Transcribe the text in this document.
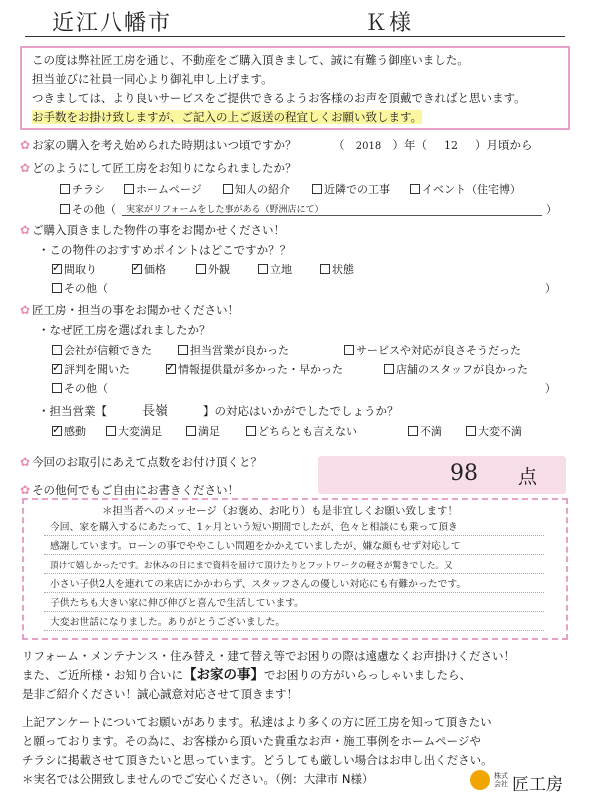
近江八幡市	Ｋ様

この度は弊社匠工房を通じ、不動産をご購入頂きまして、誠に有難う御座いました。

担当並びに社員一同心より御礼申し上げます。

つきましては、より良いサービスをご提供できるようお客様のお声を頂戴できればと思います。

お手数をお掛け致しますが、ご記入の上ご返送の程宜しくお願い致します。

✿ お家の購入を考え始められた時期はいつ頃ですか？	（ 2018 ）年（ 12 ）月頃から
✿ どのようにして匠工房をお知りになられましたか？
チラシ	ホームページ	知人の紹介	近隣での工事	イベント（住宅博）
その他（ 実家がリフォームをした事がある（野洲店にて）	）
✿ ご購入頂きました物件の事をお聞かせください！
・この物件のおすすめポイントはどこですか？？
✓ 間取り	✓ 価格	外観	立地	状態
その他（	）
✿ 匠工房・担当の事をお聞かせください！
・なぜ匠工房を選ばれましたか？
会社が信頼できた	担当営業が良かった	サービスや対応が良さそうだった
✓ 評判を聞いた	✓ 情報提供量が多かった・早かった	店舗のスタッフが良かった
その他（	）
・担当営業【	長嶺	】の対応はいかがでしたでしょうか？
✓ 感動	大変満足	満足	どちらとも言えない	不満	大変不満
✿ 今回のお取引にあえて点数をお付け頂くと？	98 点
✿ その他何でもご自由にお書きください！
＊担当者へのメッセージ（お褒め、お叱り）も是非宜しくお願い致します！
今回、家を購入するにあたって、1ヶ月という短い期間でしたが、色々と相談にも乗って頂き
感謝しています。ローンの事でややこしい問題をかかえていましたが、嫌な顔もせず対応して
頂けて嬉しかったです。お休みの日にまで資料を届けて頂けたりとフットワークの軽さが驚きでした。又
小さい子供2人を連れての来店にかかわらず、スタッフさんの優しい対応にも有難かったです。
子供たちも大きい家に伸び伸びと喜んで生活しています。
大変お世話になりました。ありがとうございました。
リフォーム・メンテナンス・住み替え・建て替え等でお困りの際は遠慮なくお声掛けください！
また、ご近所様・お知り合いに【お家の事】でお困りの方がいらっしゃいましたら、
是非ご紹介ください！誠心誠意対応させて頂きます！
上記アンケートについてお願いがあります。私達はより多くの方に匠工房を知って頂きたい
と願っております。その為に、お客様から頂いた貴重なお声・施工事例をホームページや
チラシに掲載させて頂きたいと思っています。どうしても厳しい場合はお申し出ください。
＊実名では公開致しませんのでご安心ください。（例：大津市 N様）	株式会社 匠工房
